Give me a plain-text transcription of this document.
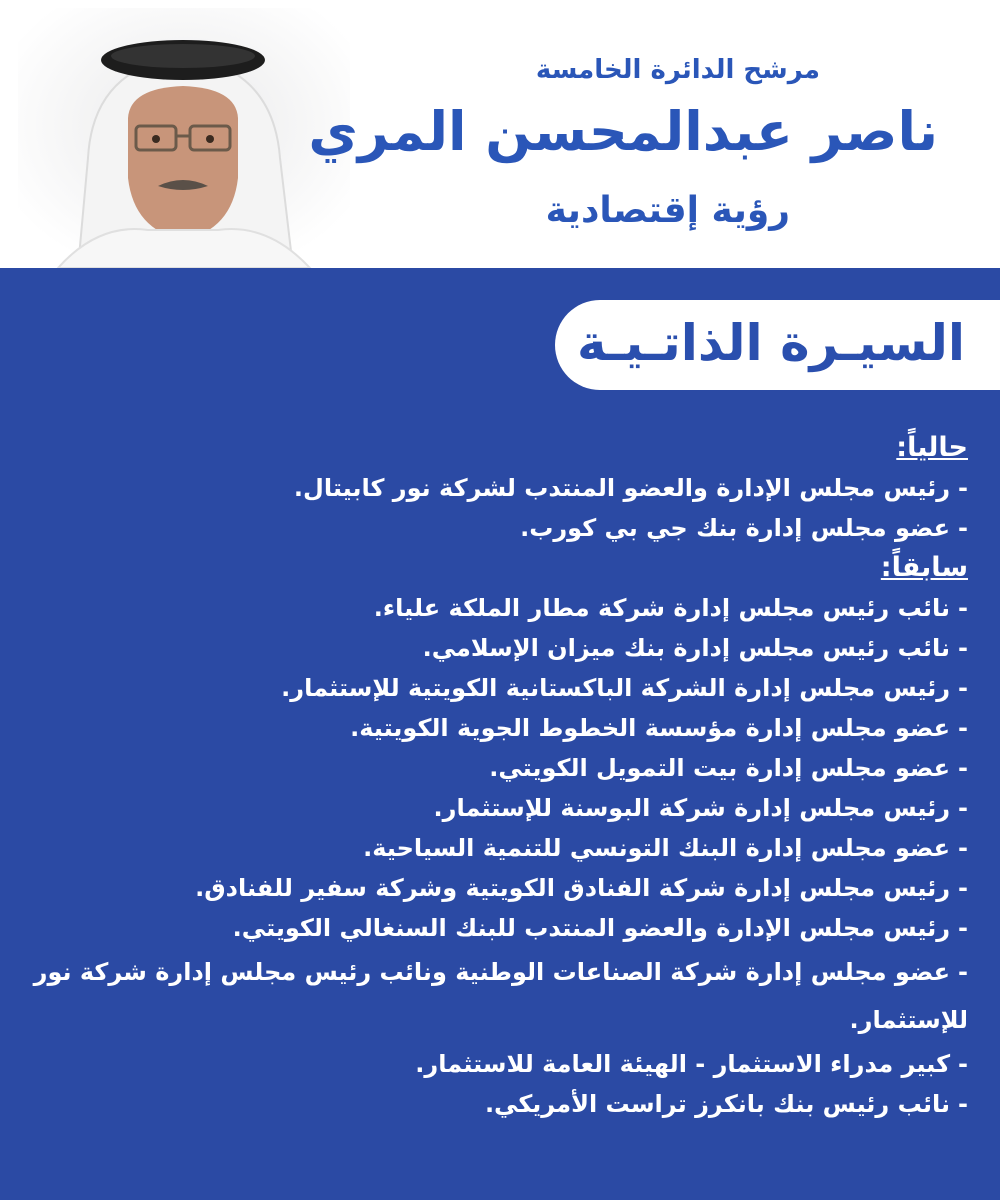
مرشح الدائرة الخامسة
ناصر عبدالمحسن المري
رؤية إقتصادية
السيـرة الذاتـيـة

حالياً:

-رئيس مجلس الإدارة والعضو المنتدب لشركة نور كابيتال.

-عضو مجلس إدارة بنك جي بي كورب.

سابقاً:

-نائب رئيس مجلس إدارة شركة مطار الملكة علياء.

-نائب رئيس مجلس إدارة بنك ميزان الإسلامي.

-رئيس مجلس إدارة الشركة الباكستانية الكويتية للإستثمار.

-عضو مجلس إدارة مؤسسة الخطوط الجوية الكويتية.

-عضو مجلس إدارة بيت التمويل الكويتي.

-رئيس مجلس إدارة شركة البوسنة للإستثمار.

-عضو مجلس إدارة البنك التونسي للتنمية السياحية.

-رئيس مجلس إدارة شركة الفنادق الكويتية وشركة سفير للفنادق.

-رئيس مجلس الإدارة والعضو المنتدب للبنك السنغالي الكويتي.

-عضو مجلس إدارة شركة الصناعات الوطنية ونائب رئيس مجلس إدارة شركة نور للإستثمار.

-كبير مدراء الاستثمار - الهيئة العامة للاستثمار.

-نائب رئيس بنك بانكرز تراست الأمريكي.
